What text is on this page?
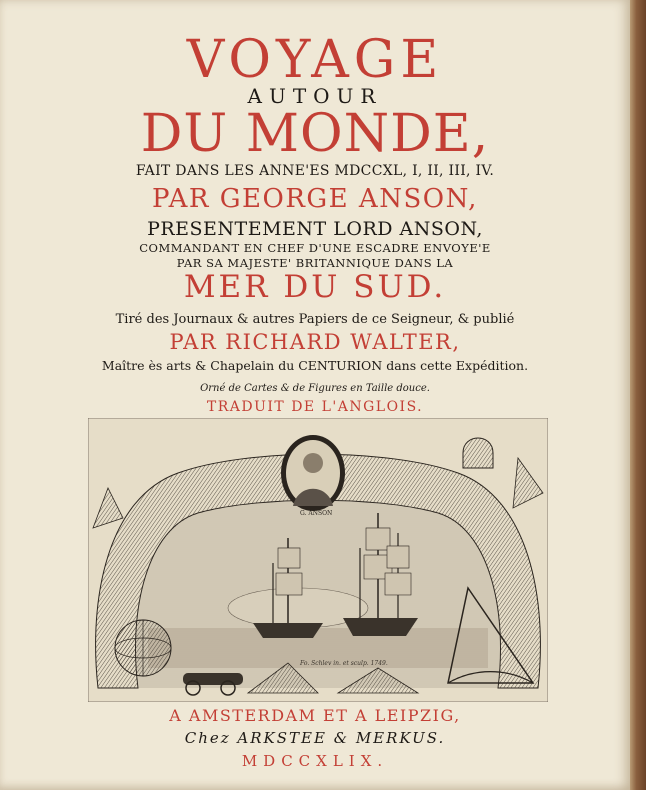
VOYAGE
AUTOUR
DU MONDE,
FAIT DANS LES ANNE'ES MDCCXL, I, II, III, IV.
PAR GEORGE ANSON,
PRESENTEMENT LORD ANSON,
COMMANDANT EN CHEF D'UNE ESCADRE ENVOYE'E
PAR SA MAJESTE' BRITANNIQUE DANS LA
MER DU SUD.
Tiré des Journaux & autres Papiers de ce Seigneur, & publié
PAR RICHARD WALTER,
Maître ès arts & Chapelain du CENTURION dans cette Expédition.
Orné de Cartes & de Figures en Taille douce.
TRADUIT DE L'ANGLOIS.
G. ANSON
Fo. Schlev in. et sculp. 1749.
A AMSTERDAM ET A LEIPZIG,
Chez ARKSTEE & MERKUS.
MDCCXLIX.
